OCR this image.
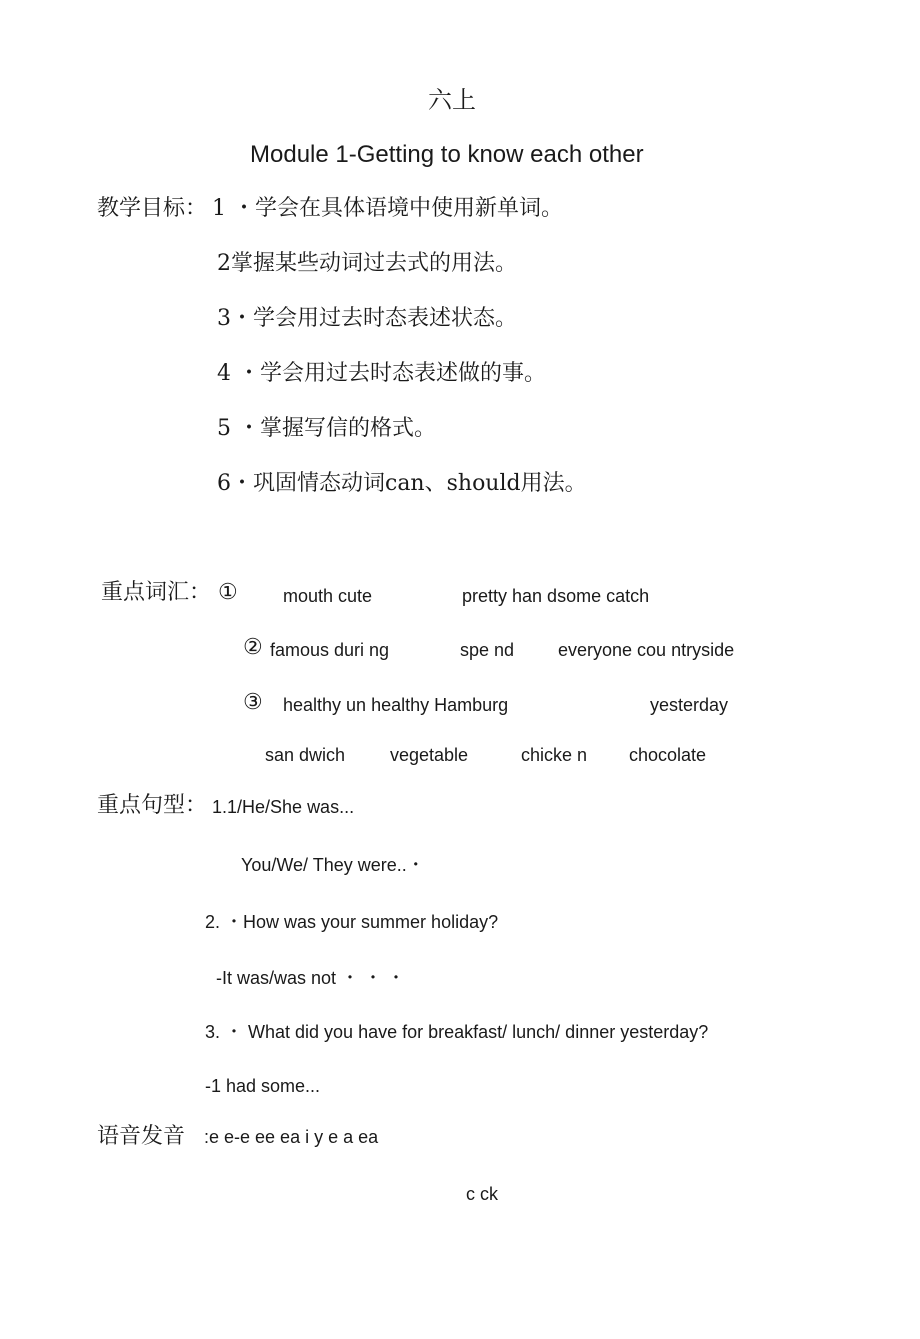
六上
Module 1-Getting to know each other
教学目标： 1 ・学会在具体语境中使用新单词。
2掌握某些动词过去式的用法。
3・学会用过去时态表述状态。
4 ・学会用过去时态表述做的事。
5 ・掌握写信的格式。
6・巩固情态动词can、should用法。
重点词汇： ①	mouth cute	pretty han dsome catch
② famous duri ng	spe nd everyone cou ntryside
③ healthy un healthy Hamburg	yesterday
san dwich vegetable	chicke n chocolate
重点句型： 1.1/He/She was...
You/We/ They were..・
2. ・How was your summer holiday?
-It was/was not ・ ・ ・
3. ・ What did you have for breakfast/ lunch/ dinner yesterday?
-1 had some...
语音发音 :e e-e ee ea i y e a ea
c ck
